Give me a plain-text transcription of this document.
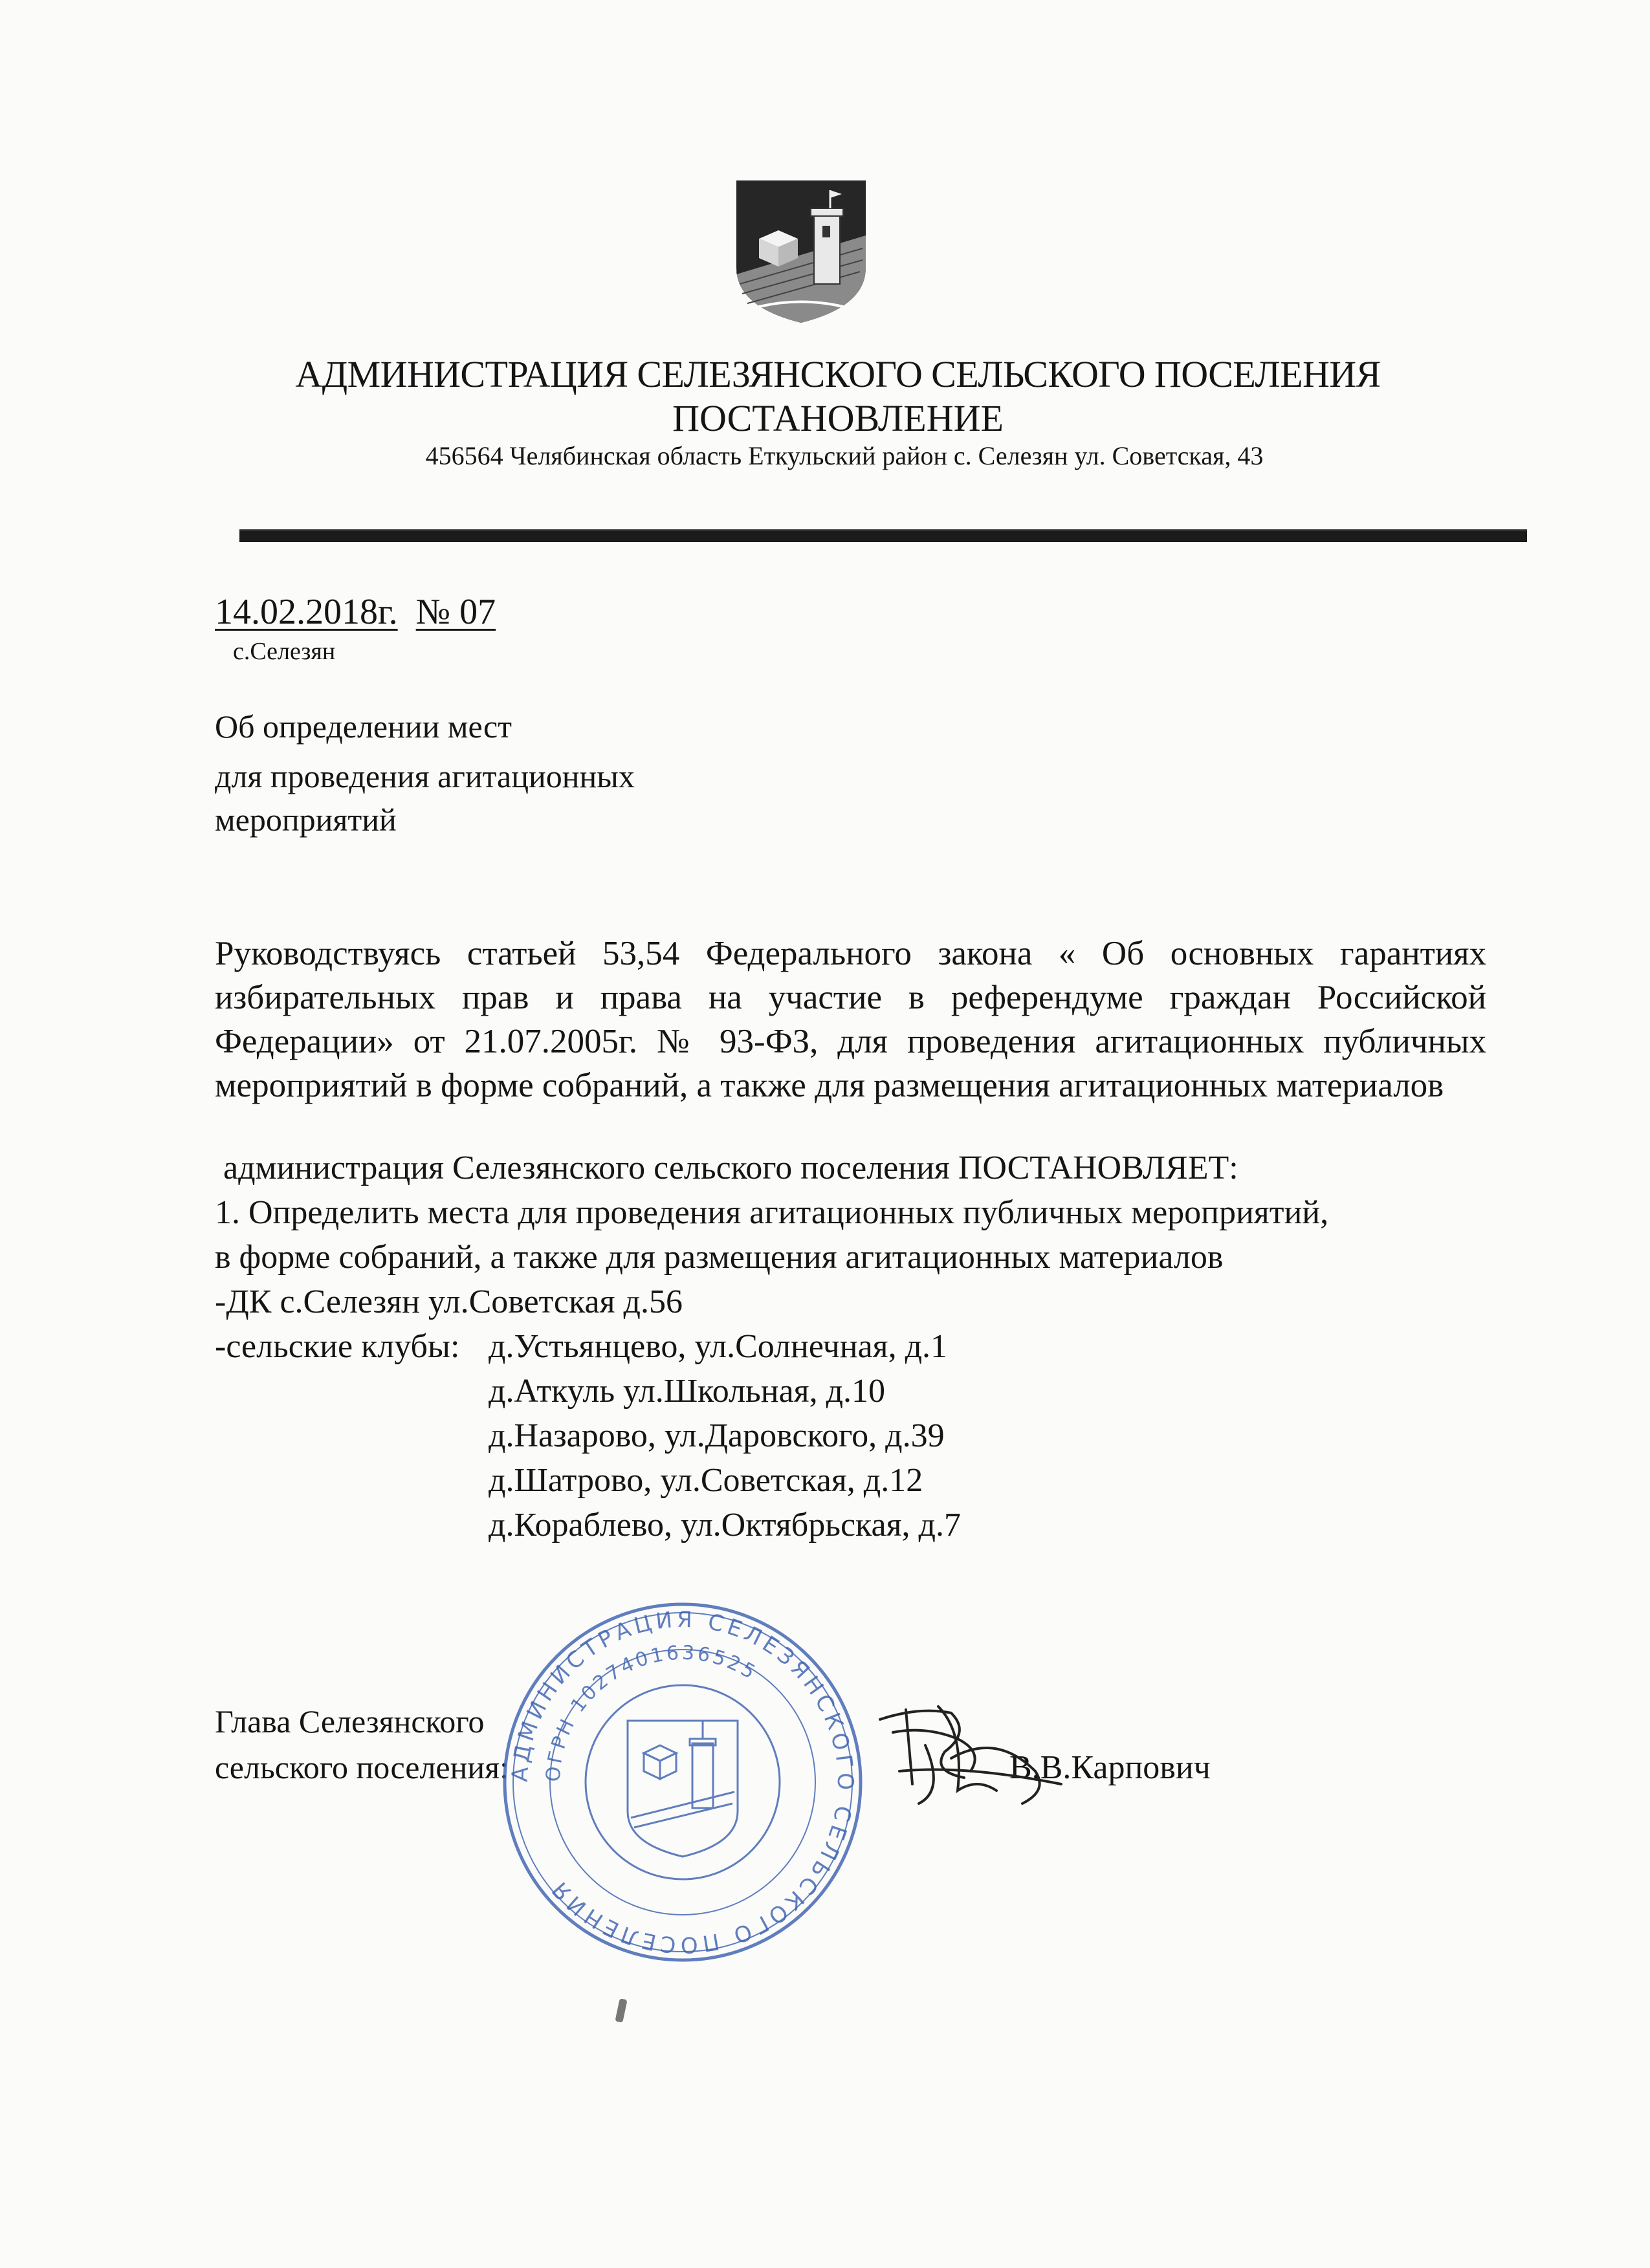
АДМИНИСТРАЦИЯ СЕЛЕЗЯНСКОГО СЕЛЬСКОГО ПОСЕЛЕНИЯ
ПОСТАНОВЛЕНИЕ
456564 Челябинская область Еткульский район с. Селезян ул. Советская, 43
14.02.2018г. № 07
с.Селезян
Об определении мест
для проведения агитационных
мероприятий
Руководствуясь статьей 53,54 Федерального закона « Об основных гарантиях избирательных прав и права на участие в референдуме граждан Российской Федерации» от 21.07.2005г. № 93-ФЗ, для проведения агитационных публичных мероприятий в форме собраний, а также для размещения агитационных материалов
администрация Селезянского сельского поселения ПОСТАНОВЛЯЕТ:
1. Определить места для проведения агитационных публичных мероприятий,
в форме собраний, а также для размещения агитационных материалов
-ДК с.Селезян ул.Советская д.56
-сельские клубы: д.Устьянцево, ул.Солнечная, д.1
д.Аткуль ул.Школьная, д.10
д.Назарово, ул.Даровского, д.39
д.Шатрово, ул.Советская, д.12
д.Кораблево, ул.Октябрьская, д.7
Глава Селезянского
сельского поселения:	В.В.Карпович
АДМИНИСТРАЦИЯ СЕЛЕЗЯНСКОГО СЕЛЬСКОГО ПОСЕЛЕНИЯ
ОГРН 1027401636525
